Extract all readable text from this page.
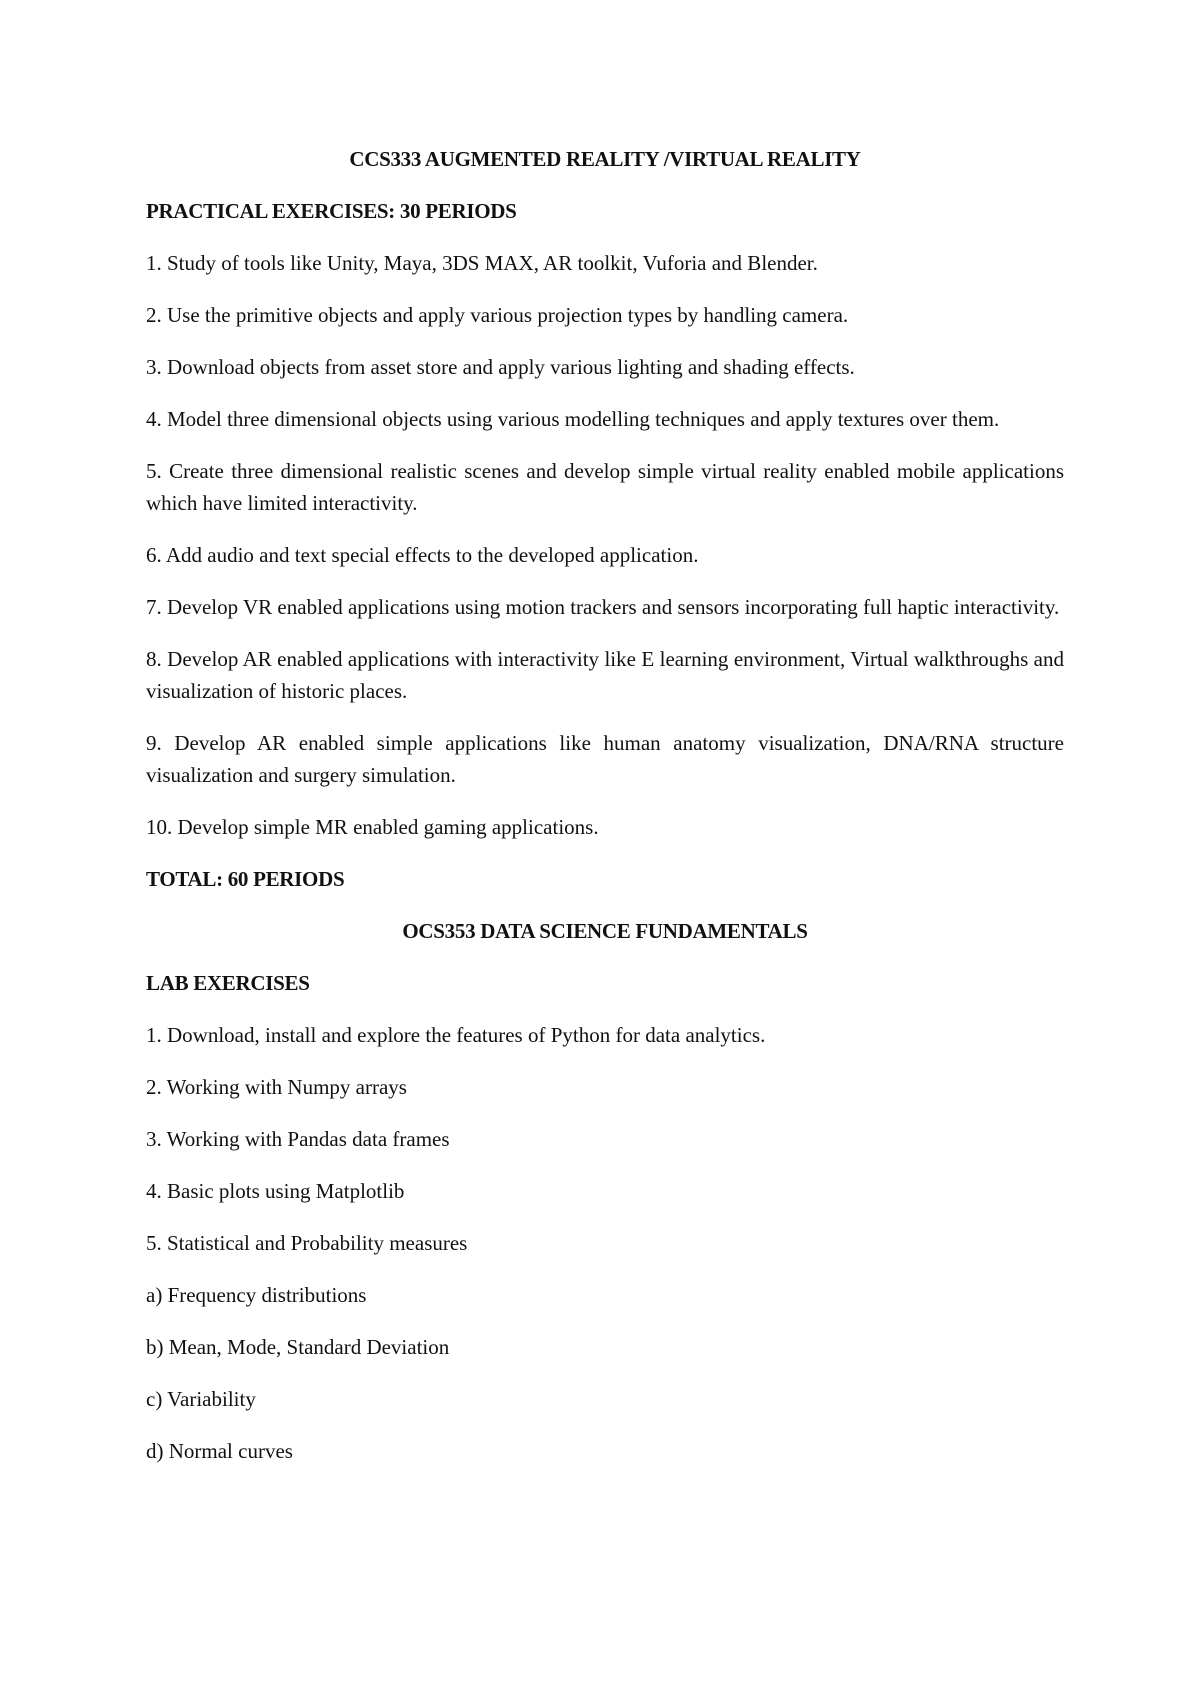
CCS333 AUGMENTED REALITY /VIRTUAL REALITY
PRACTICAL EXERCISES: 30 PERIODS
1. Study of tools like Unity, Maya, 3DS MAX, AR toolkit, Vuforia and Blender.
2. Use the primitive objects and apply various projection types by handling camera.
3. Download objects from asset store and apply various lighting and shading effects.
4. Model three dimensional objects using various modelling techniques and apply textures over them.
5. Create three dimensional realistic scenes and develop simple virtual reality enabled mobile applications which have limited interactivity.
6. Add audio and text special effects to the developed application.
7. Develop VR enabled applications using motion trackers and sensors incorporating full haptic interactivity.
8. Develop AR enabled applications with interactivity like E learning environment, Virtual walkthroughs and visualization of historic places.
9. Develop AR enabled simple applications like human anatomy visualization, DNA/RNA structure visualization and surgery simulation.
10. Develop simple MR enabled gaming applications.
TOTAL: 60 PERIODS
OCS353 DATA SCIENCE FUNDAMENTALS
LAB EXERCISES
1. Download, install and explore the features of Python for data analytics.
2. Working with Numpy arrays
3. Working with Pandas data frames
4. Basic plots using Matplotlib
5. Statistical and Probability measures
a) Frequency distributions
b) Mean, Mode, Standard Deviation
c) Variability
d) Normal curves
